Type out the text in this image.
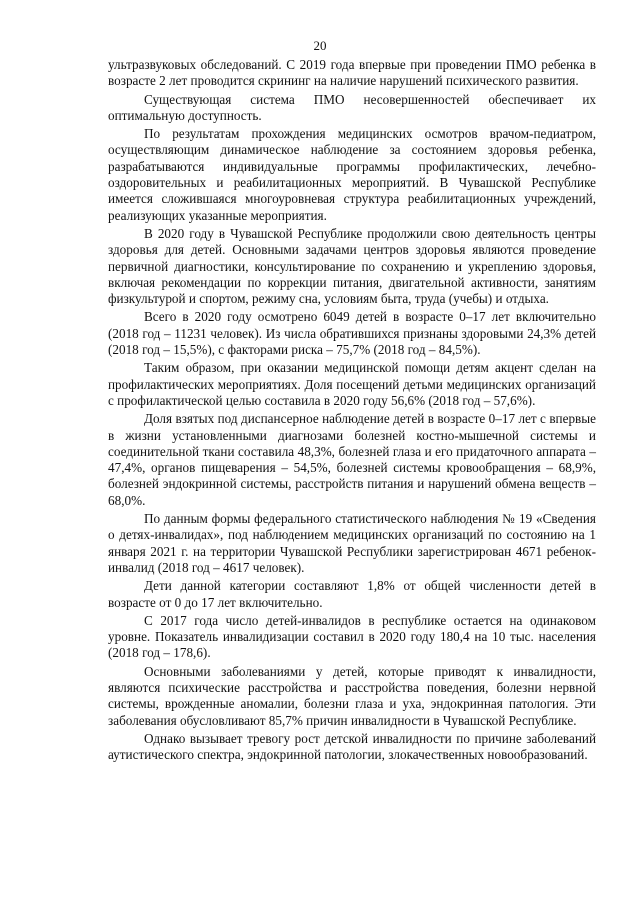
20

ультразвуковых обследований. С 2019 года впервые при проведении ПМО ребенка в возрасте 2 лет проводится скрининг на наличие нарушений психического развития.

Существующая система ПМО несовершенностей обеспечивает их оптимальную доступность.

По результатам прохождения медицинских осмотров врачом-педиатром, осуществляющим динамическое наблюдение за состоянием здоровья ребенка, разрабатываются индивидуальные программы профилактических, лечебно-оздоровительных и реабилитационных мероприятий. В Чувашской Республике имеется сложившаяся многоуровневая структура реабилитационных учреждений, реализующих указанные мероприятия.

В 2020 году в Чувашской Республике продолжили свою деятельность центры здоровья для детей. Основными задачами центров здоровья являются проведение первичной диагностики, консультирование по сохранению и укреплению здоровья, включая рекомендации по коррекции питания, двигательной активности, занятиям физкультурой и спортом, режиму сна, условиям быта, труда (учебы) и отдыха.

Всего в 2020 году осмотрено 6049 детей в возрасте 0–17 лет включительно (2018 год – 11231 человек). Из числа обратившихся признаны здоровыми 24,3% детей (2018 год – 15,5%), с факторами риска – 75,7% (2018 год – 84,5%).

Таким образом, при оказании медицинской помощи детям акцент сделан на профилактических мероприятиях. Доля посещений детьми медицинских организаций с профилактической целью составила в 2020 году 56,6% (2018 год – 57,6%).

Доля взятых под диспансерное наблюдение детей в возрасте 0–17 лет с впервые в жизни установленными диагнозами болезней костно-мышечной системы и соединительной ткани составила 48,3%, болезней глаза и его придаточного аппарата – 47,4%, органов пищеварения – 54,5%, болезней системы кровообращения – 68,9%, болезней эндокринной системы, расстройств питания и нарушений обмена веществ – 68,0%.

По данным формы федерального статистического наблюдения № 19 «Сведения о детях-инвалидах», под наблюдением медицинских организаций по состоянию на 1 января 2021 г. на территории Чувашской Республики зарегистрирован 4671 ребенок-инвалид (2018 год – 4617 человек).

Дети данной категории составляют 1,8% от общей численности детей в возрасте от 0 до 17 лет включительно.

С 2017 года число детей-инвалидов в республике остается на одинаковом уровне. Показатель инвалидизации составил в 2020 году 180,4 на 10 тыс. населения (2018 год – 178,6).

Основными заболеваниями у детей, которые приводят к инвалидности, являются психические расстройства и расстройства поведения, болезни нервной системы, врожденные аномалии, болезни глаза и уха, эндокринная патология. Эти заболевания обусловливают 85,7% причин инвалидности в Чувашской Республике.

Однако вызывает тревогу рост детской инвалидности по причине заболеваний аутистического спектра, эндокринной патологии, злокачественных новообразований.
